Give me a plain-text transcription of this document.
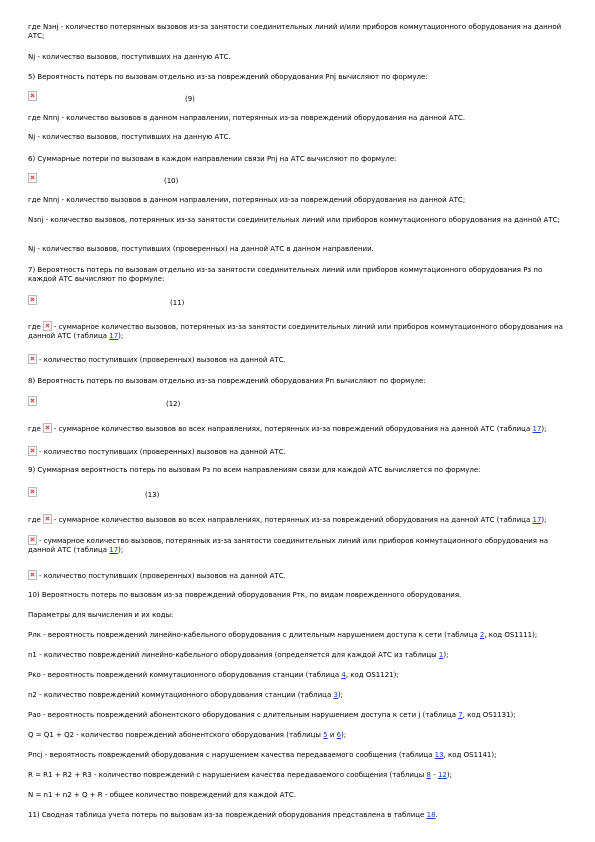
где Nзнj - количество потерянных вызовов из-за занятости соединительных линий и/или приборов коммутационного оборудования на данной АТС;
Nj - количество вызовов, поступивших на данную АТС.
5) Вероятность потерь по вызовам отдельно из-за повреждений оборудования Pпj вычисляют по формуле:
(9)
где Nпnj - количество вызовов в данном направлении, потерянных из-за повреждений оборудования на данной АТС.
Nj - количество вызовов, поступивших на данную АТС.
6) Суммарные потери по вызовам в каждом направлении связи Pnj на АТС вычисляют по формуле:
(10)
где Nпnj - количество вызовов в данном направлении, потерянных из-за повреждений оборудования на данной АТС;
Nзnj - количество вызовов, потерянных из-за занятости соединительных линий или приборов коммутационного оборудования на данной АТС;
Nj - количество вызовов, поступивших (проверенных) на данной АТС в данном направлении.
7) Вероятность потерь по вызовам отдельно из-за занятости соединительных линий или приборов коммутационного оборудования Pз по каждой АТС вычисляют по формуле:
(11)
где - суммарное количество вызовов, потерянных из-за занятости соединительных линий или приборов коммутационного оборудования на данной АТС (таблица 17);
- количество поступивших (проверенных) вызовов на данной АТС.
8) Вероятность потерь по вызовам отдельно из-за повреждений оборудования Pп вычисляют по формуле:
(12)
где - суммарное количество вызовов во всех направлениях, потерянных из-за повреждений оборудования на данной АТС (таблица 17);
- количество поступивших (проверенных) вызовов на данной АТС.
9) Суммарная вероятность потерь по вызовам Pз по всем направлениям связи для каждой АТС вычисляется по формуле:
(13)
где - суммарное количество вызовов во всех направлениях, потерянных из-за повреждений оборудования на данной АТС (таблица 17);
- суммарное количество вызовов, потерянных из-за занятости соединительных линий или приборов коммутационного оборудования на данной АТС (таблица 17);
- количество поступивших (проверенных) вызовов на данной АТС.
10) Вероятность потерь по вызовам из-за повреждений оборудования Pтк, по видам поврежденного оборудования.
Параметры для вычисления и их коды:
Pлк - вероятность повреждений линейно-кабельного оборудования с длительным нарушением доступа к сети (таблица 2, код OS1111);
n1 - количество повреждений линейно-кабельного оборудования (определяется для каждой АТС из таблицы 1);
Pко - вероятность повреждений коммутационного оборудования станции (таблица 4, код OS1121);
n2 - количество повреждений коммутационного оборудования станции (таблица 3);
Pао - вероятность повреждений абонентского оборудования с длительным нарушением доступа к сети j (таблица 7, код OS1131);
Q = Q1 + Q2 - количество повреждений абонентского оборудования (таблицы 5 и 6);
Pпсj - вероятность повреждений оборудования с нарушением качества передаваемого сообщения (таблица 13, код OS1141);
R = R1 + R2 + R3 - количество повреждений с нарушением качества передаваемого сообщения (таблицы 8 - 12);
N = n1 + n2 + Q + R - общее количество повреждений для каждой АТС.
11) Сводная таблица учета потерь по вызовам из-за повреждений оборудования представлена в таблице 18.
